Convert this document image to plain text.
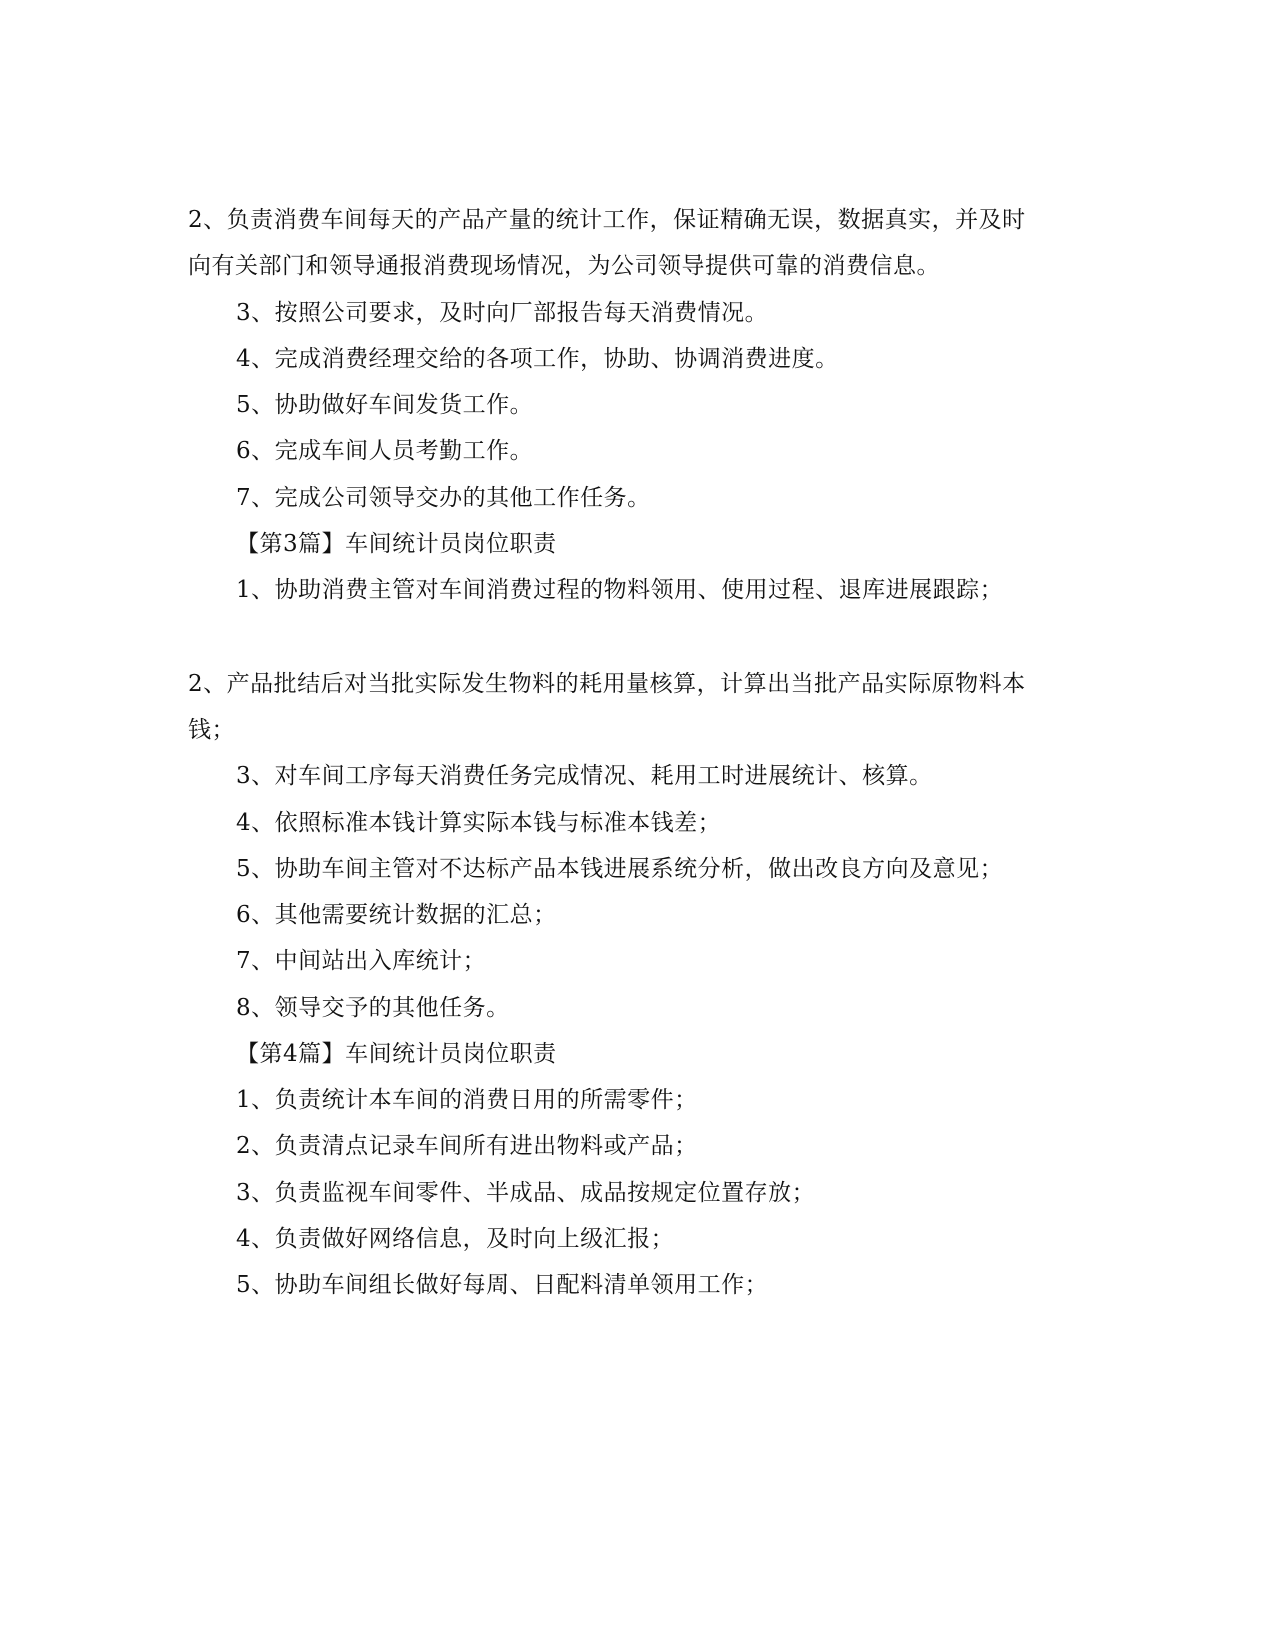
2、负责消费车间每天的产品产量的统计工作，保证精确无误，数据真实，并及时
向有关部门和领导通报消费现场情况，为公司领导提供可靠的消费信息。
3、按照公司要求，及时向厂部报告每天消费情况。
4、完成消费经理交给的各项工作，协助、协调消费进度。
5、协助做好车间发货工作。
6、完成车间人员考勤工作。
7、完成公司领导交办的其他工作任务。
【第3篇】车间统计员岗位职责
1、协助消费主管对车间消费过程的物料领用、使用过程、退库进展跟踪；
2、产品批结后对当批实际发生物料的耗用量核算，计算出当批产品实际原物料本
钱；
3、对车间工序每天消费任务完成情况、耗用工时进展统计、核算。
4、依照标准本钱计算实际本钱与标准本钱差；
5、协助车间主管对不达标产品本钱进展系统分析，做出改良方向及意见；
6、其他需要统计数据的汇总；
7、中间站出入库统计；
8、领导交予的其他任务。
【第4篇】车间统计员岗位职责
1、负责统计本车间的消费日用的所需零件；
2、负责清点记录车间所有进出物料或产品；
3、负责监视车间零件、半成品、成品按规定位置存放；
4、负责做好网络信息，及时向上级汇报；
5、协助车间组长做好每周、日配料清单领用工作；
